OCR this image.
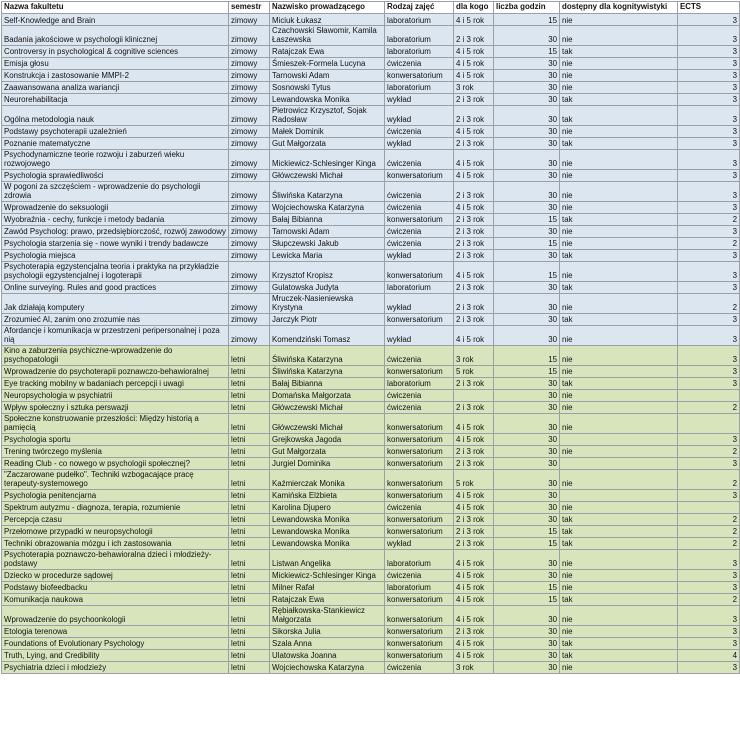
Nazwa fakultetu	semestr	Nazwisko prowadzącego	Rodzaj zajęć	dla kogo	liczba godzin	dostępny dla kognitywistyki	ECTS
Self-Knowledge and Brain	zimowy	Miciuk Łukasz	laboratorium	4 i 5 rok	15	nie	3
Badania jakościowe w psychologii klinicznej	zimowy	Czachowski Sławomir, Kamila Łaszewska	laboratorium	2 i 3 rok	30	nie	3
Controversy in psychological & cognitive sciences	zimowy	Ratajczak Ewa	laboratorium	4 i 5 rok	15	tak	3
Emisja głosu	zimowy	Śmieszek-Formela Lucyna	ćwiczenia	4 i 5 rok	30	nie	3
Konstrukcja i zastosowanie MMPI-2	zimowy	Tarnowski Adam	konwersatorium	4 i 5 rok	30	nie	3
Zaawansowana analiza wariancji	zimowy	Sosnowski Tytus	laboratorium	3 rok	30	nie	3
Neurorehabilitacja	zimowy	Lewandowska Monika	wykład	2 i 3 rok	30	tak	3
Ogólna metodologia nauk	zimowy	Pietrowicz Krzysztof, Sojak Radosław	wykład	2 i 3 rok	30	tak	3
Podstawy psychoterapii uzależnień	zimowy	Małek Dominik	ćwiczenia	4 i 5 rok	30	nie	3
Poznanie matematyczne	zimowy	Gut Małgorzata	wykład	2 i 3 rok	30	tak	3
Psychodynamiczne teorie rozwoju i zaburzeń wieku rozwojowego	zimowy	Mickiewicz-Schlesinger Kinga	ćwiczenia	4 i 5 rok	30	nie	3
Psychologia sprawiedliwości	zimowy	Główczewski Michał	konwersatorium	4 i 5 rok	30	nie	3
W pogoni za szczęściem - wprowadzenie do psychologii zdrowia	zimowy	Śliwińska Katarzyna	ćwiczenia	2 i 3 rok	30	nie	3
Wprowadzenie do seksuologii	zimowy	Wojciechowska Katarzyna	ćwiczenia	4 i 5 rok	30	nie	3
Wyobraźnia - cechy, funkcje i metody badania	zimowy	Bałaj Bibianna	konwersatorium	2 i 3 rok	15	tak	2
Zawód Psycholog: prawo, przedsiębiorczość, rozwój zawodowy	zimowy	Tarnowski Adam	ćwiczenia	2 i 3 rok	30	nie	3
Psychologia starzenia się - nowe wyniki i trendy badawcze	zimowy	Słupczewski Jakub	ćwiczenia	2 i 3 rok	15	nie	2
Psychologia miejsca	zimowy	Lewicka Maria	wykład	2 i 3 rok	30	tak	3
Psychoterapia egzystencjalna teoria i praktyka na przykładzie psychologii egzystencjalnej i logoterapii	zimowy	Krzysztof Kropisz	konwersatorium	4 i 5 rok	15	nie	3
Online surveying. Rules and good practices	zimowy	Gulatowska Judyta	laboratorium	2 i 3 rok	30	tak	3
Jak działają komputery	zimowy	Mruczek-Nasieniewska Krystyna	wykład	2 i 3 rok	30	nie	2
Zrozumieć AI, zanim ono zrozumie nas	zimowy	Jarczyk Piotr	konwersatorium	2 i 3 rok	30	tak	3
Afordancje i komunikacja w przestrzeni peripersonalnej i poza nią	zimowy	Komendziński Tomasz	wykład	4 i 5 rok	30	nie	3
Kino a zaburzenia psychiczne-wprowadzenie do psychopatologii	letni	Śliwińska Katarzyna	ćwiczenia	3 rok	15	nie	3
Wprowadzenie do psychoterapii poznawczo-behawioralnej	letni	Śliwińska Katarzyna	konwersatorium	5 rok	15	nie	3
Eye tracking mobilny w badaniach percepcji i uwagi	letni	Bałaj Bibianna	laboratorium	2 i 3 rok	30	tak	3
Neuropsychologia w psychiatrii	letni	Domańska Małgorzata	ćwiczenia		30	nie	
Wpływ społeczny i sztuka perswazji	letni	Główczewski Michał	ćwiczenia	2 i 3 rok	30	nie	2
Społeczne konstruowanie przeszłości: Między historią a pamięcią	letni	Główczewski Michał	konwersatorium	4 i 5 rok	30	nie	
Psychologia sportu	letni	Grejkowska Jagoda	konwersatorium	4 i 5 rok	30		3
Trening twórczego myślenia	letni	Gut Małgorzata	konwersatorium	2 i 3 rok	30	nie	2
Reading Club - co nowego w psychologii społecznej?	letni	Jurgiel Dominika	konwersatorium	2 i 3 rok	30		3
"Zaczarowane pudełko". Techniki wzbogacające pracę terapeuty-systemowego	letni	Kaźmierczak Monika	konwersatorium	5 rok	30	nie	2
Psychologia penitencjarna	letni	Kamińska Elżbieta	konwersatorium	4 i 5 rok	30		3
Spektrum autyzmu - diagnoza, terapia, rozumienie	letni	Karolina Djupero	ćwiczenia	4 i 5 rok	30	nie	
Percepcja czasu	letni	Lewandowska Monika	konwersatorium	2 i 3 rok	30	tak	2
Przełomowe przypadki w neuropsychologii	letni	Lewandowska Monika	konwersatorium	2 i 3 rok	15	tak	2
Techniki obrazowania mózgu i ich zastosowania	letni	Lewandowska Monika	wykład	2 i 3 rok	15	tak	2
Psychoterapia poznawczo-behawioralna dzieci i młodzieży- podstawy	letni	Listwan Angelika	laboratorium	4 i 5 rok	30	nie	3
Dziecko w procedurze sądowej	letni	Mickiewicz-Schlesinger Kinga	ćwiczenia	4 i 5 rok	30	nie	3
Podstawy biofeedbacku	letni	Milner Rafał	laboratorium	4 i 5 rok	15	nie	3
Komunikacja naukowa	letni	Ratajczak Ewa	konwersatorium	4 i 5 rok	15	tak	2
Wprowadzenie do psychoonkologii	letni	Rębiałkowska-Stankiewicz Małgorzata	konwersatorium	4 i 5 rok	30	nie	3
Etologia terenowa	letni	Sikorska Julia	konwersatorium	2 i 3 rok	30	nie	3
Foundations of Evolutionary Psychology	letni	Szala Anna	konwersatorium	4 i 5 rok	30	tak	3
Truth, Lying, and Credibility	letni	Ulatowska Joanna	konwersatorium	4 i 5 rok	30	tak	4
Psychiatria dzieci i młodzieży	letni	Wojciechowska Katarzyna	ćwiczenia	3 rok	30	nie	3
